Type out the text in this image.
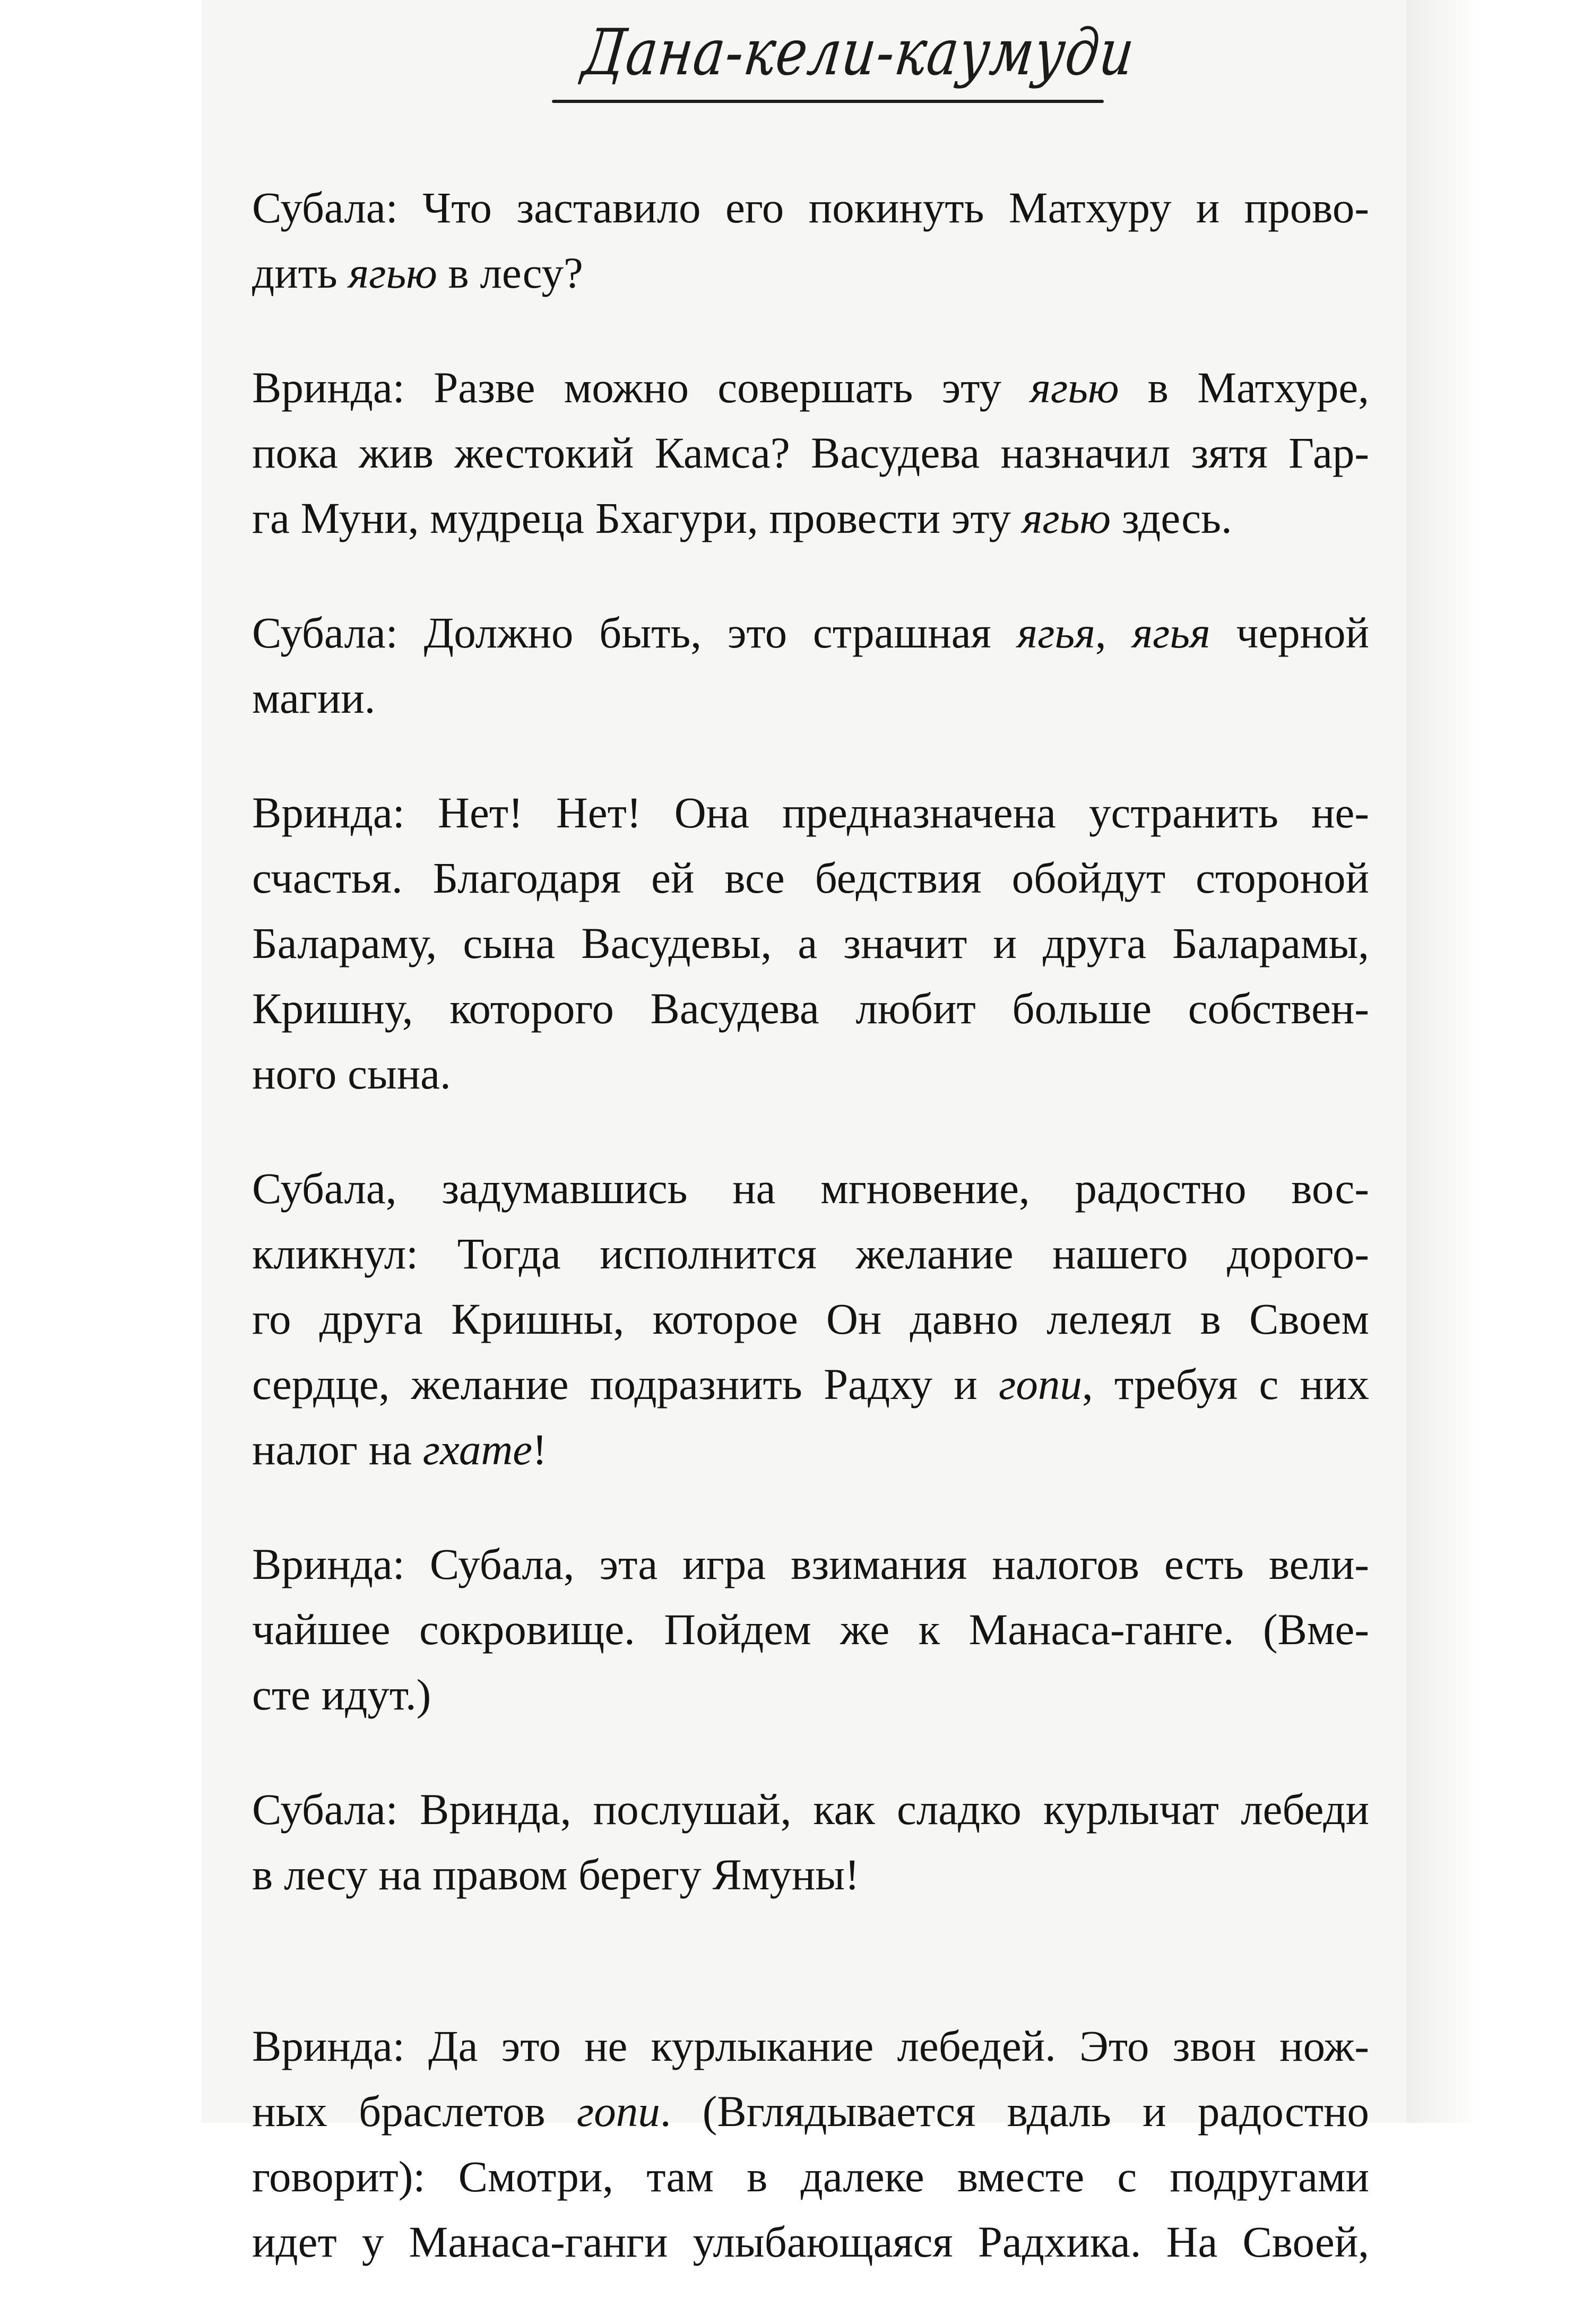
Дана-кели-каумуди
Субала: Что заставило его покинуть Матхуру и прово-
дить ягью в лесу?
Вринда: Разве можно совершать эту ягью в Матхуре,
пока жив жестокий Камса? Васудева назначил зятя Гар-
га Муни, мудреца Бхагури, провести эту ягью здесь.
Субала: Должно быть, это страшная ягья, ягья черной
магии.
Вринда: Нет! Нет! Она предназначена устранить не-
счастья. Благодаря ей все бедствия обойдут стороной
Балараму, сына Васудевы, а значит и друга Баларамы,
Кришну, которого Васудева любит больше собствен-
ного сына.
Субала, задумавшись на мгновение, радостно вос-
кликнул: Тогда исполнится желание нашего дорого-
го друга Кришны, которое Он давно лелеял в Своем
сердце, желание подразнить Радху и гопи, требуя с них
налог на гхате!
Вринда: Субала, эта игра взимания налогов есть вели-
чайшее сокровище. Пойдем же к Манаса-ганге. (Вме-
сте идут.)
Субала: Вринда, послушай, как сладко курлычат лебеди
в лесу на правом берегу Ямуны!
Вринда: Да это не курлыкание лебедей. Это звон нож-
ных браслетов гопи. (Вглядывается вдаль и радостно
говорит): Смотри, там в далеке вместе с подругами
идет у Манаса-ганги улыбающаяся Радхика. На Своей,
